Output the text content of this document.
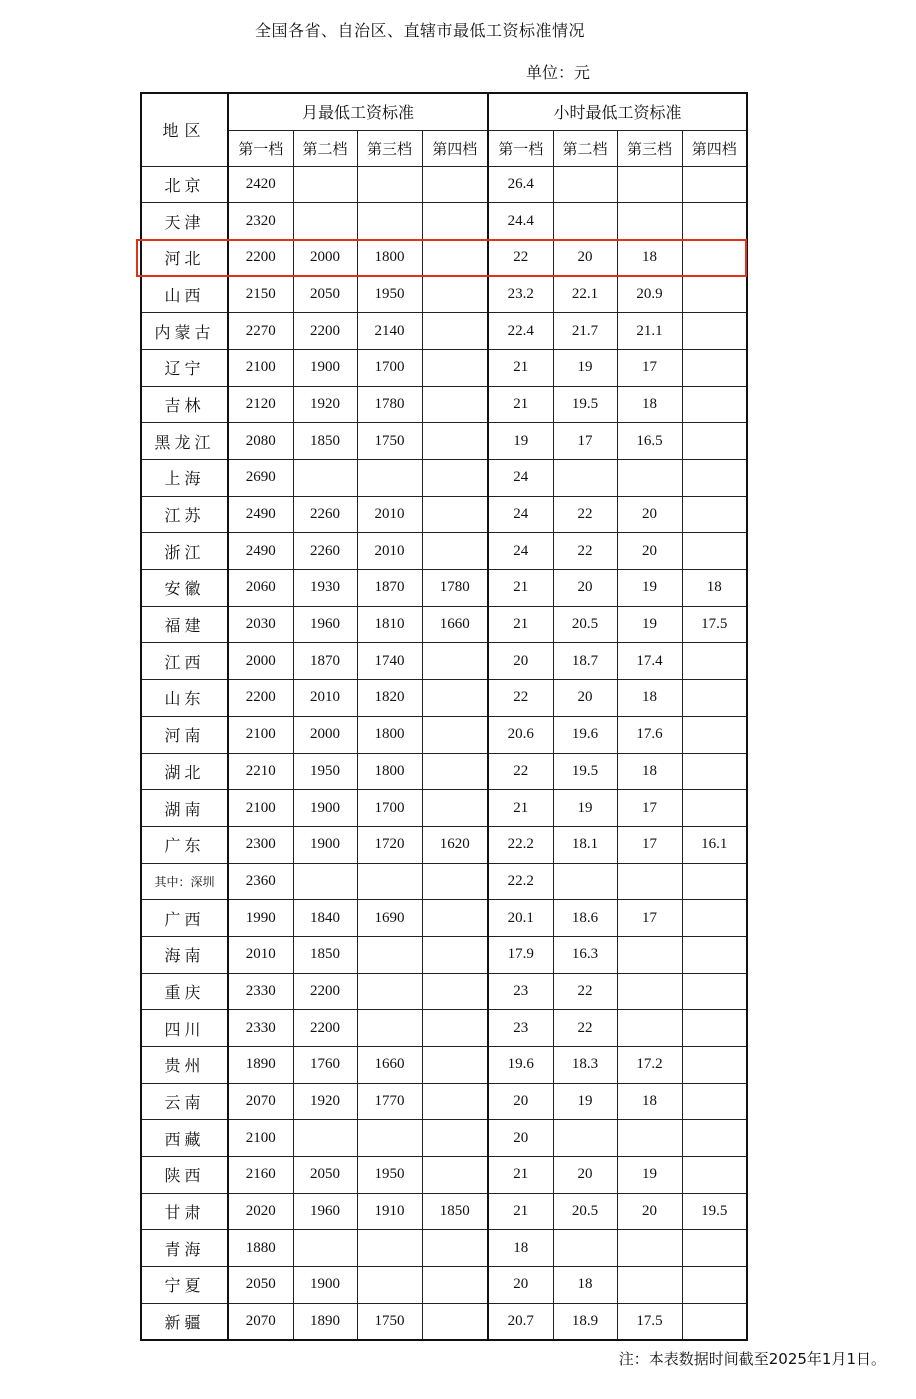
全国各省、自治区、直辖市最低工资标准情况
单位：元
地区	月最低工资标准				小时最低工资标准			
	第一档	第二档	第三档	第四档	第一档	第二档	第三档	第四档
北京	2420				26.4			
天津	2320				24.4			
河北	2200	2000	1800		22	20	18	
山西	2150	2050	1950		23.2	22.1	20.9	
内蒙古	2270	2200	2140		22.4	21.7	21.1	
辽宁	2100	1900	1700		21	19	17	
吉林	2120	1920	1780		21	19.5	18	
黑龙江	2080	1850	1750		19	17	16.5	
上海	2690				24			
江苏	2490	2260	2010		24	22	20	
浙江	2490	2260	2010		24	22	20	
安徽	2060	1930	1870	1780	21	20	19	18
福建	2030	1960	1810	1660	21	20.5	19	17.5
江西	2000	1870	1740		20	18.7	17.4	
山东	2200	2010	1820		22	20	18	
河南	2100	2000	1800		20.6	19.6	17.6	
湖北	2210	1950	1800		22	19.5	18	
湖南	2100	1900	1700		21	19	17	
广东	2300	1900	1720	1620	22.2	18.1	17	16.1
其中：深圳	2360				22.2			
广西	1990	1840	1690		20.1	18.6	17	
海南	2010	1850			17.9	16.3		
重庆	2330	2200			23	22		
四川	2330	2200			23	22		
贵州	1890	1760	1660		19.6	18.3	17.2	
云南	2070	1920	1770		20	19	18	
西藏	2100				20			
陕西	2160	2050	1950		21	20	19	
甘肃	2020	1960	1910	1850	21	20.5	20	19.5
青海	1880				18			
宁夏	2050	1900			20	18		
新疆	2070	1890	1750		20.7	18.9	17.5	
注：本表数据时间截至2025年1月1日。
